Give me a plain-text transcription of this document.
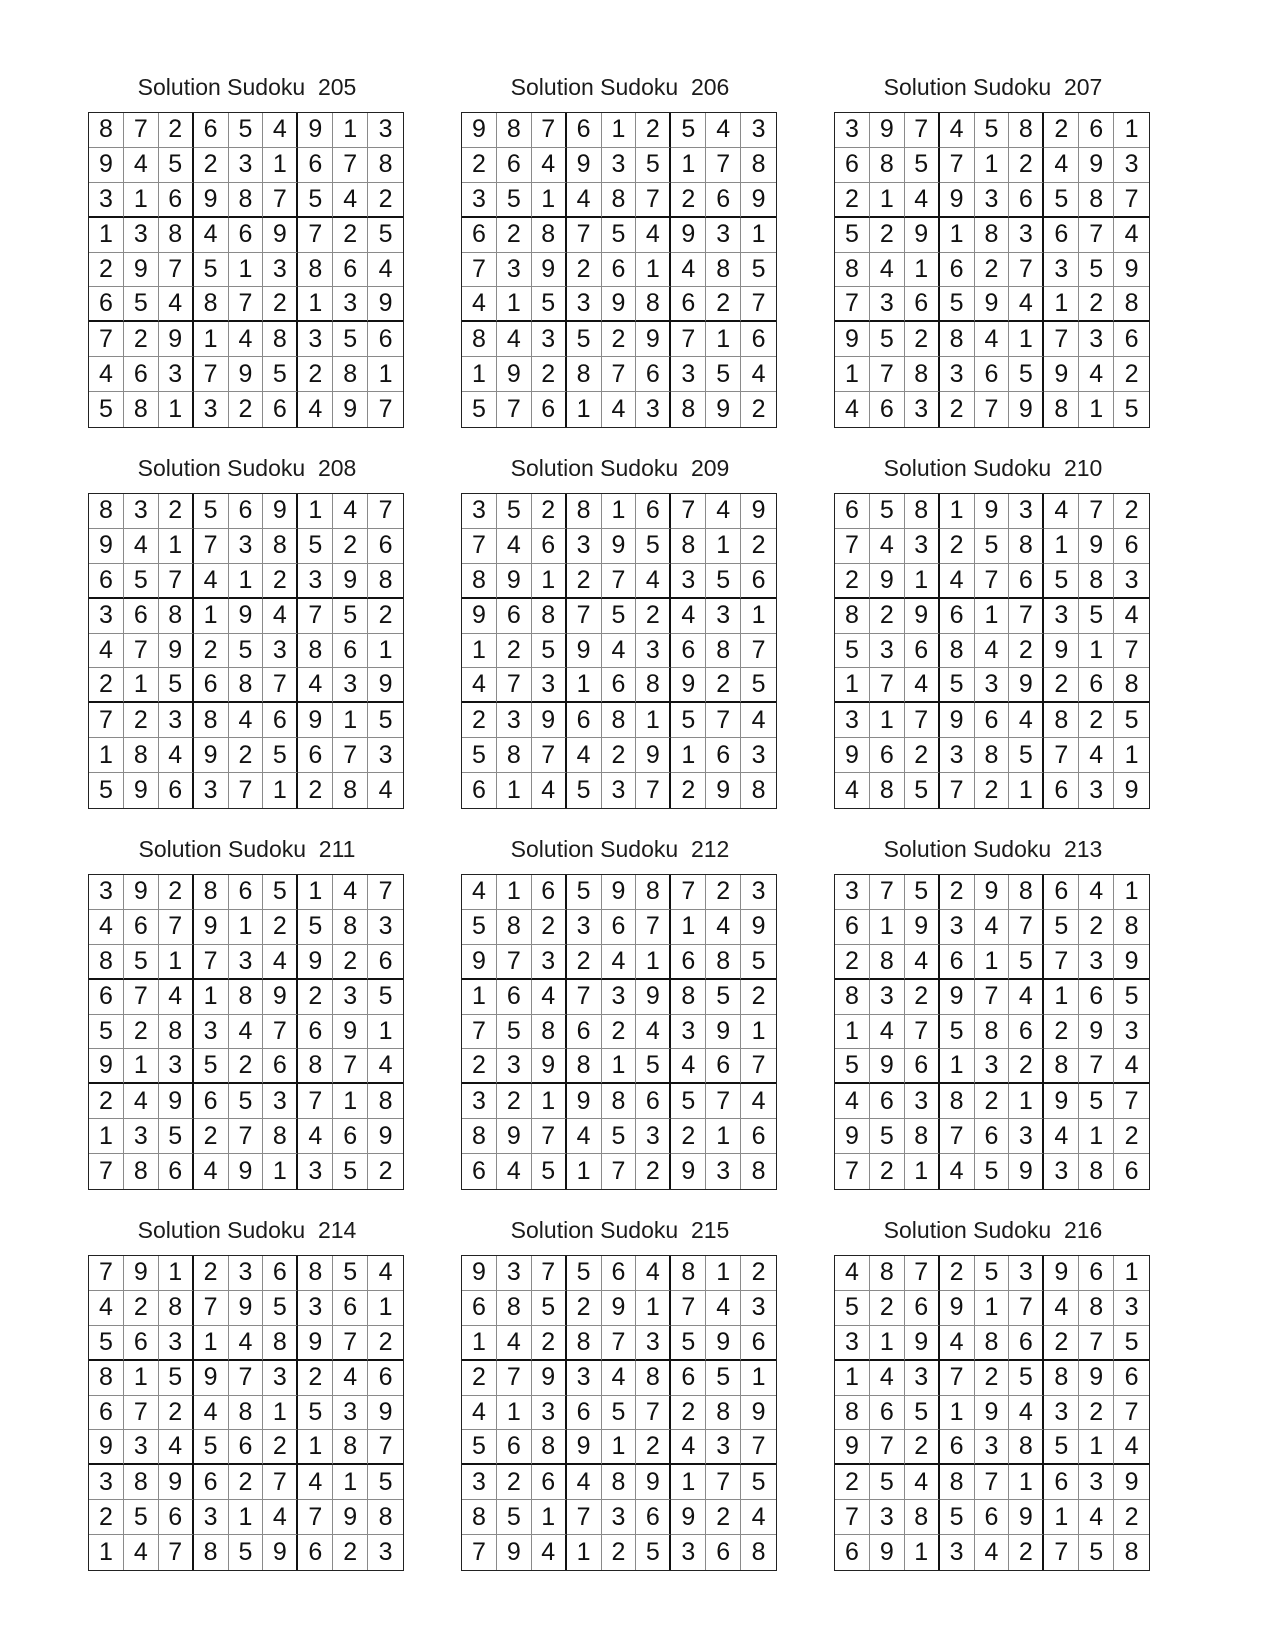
Solution Sudoku  205
8 7 2 6 5 4 9 1 3
9 4 5 2 3 1 6 7 8
3 1 6 9 8 7 5 4 2
1 3 8 4 6 9 7 2 5
2 9 7 5 1 3 8 6 4
6 5 4 8 7 2 1 3 9
7 2 9 1 4 8 3 5 6
4 6 3 7 9 5 2 8 1
5 8 1 3 2 6 4 9 7
Solution Sudoku  206
9 8 7 6 1 2 5 4 3
2 6 4 9 3 5 1 7 8
3 5 1 4 8 7 2 6 9
6 2 8 7 5 4 9 3 1
7 3 9 2 6 1 4 8 5
4 1 5 3 9 8 6 2 7
8 4 3 5 2 9 7 1 6
1 9 2 8 7 6 3 5 4
5 7 6 1 4 3 8 9 2
Solution Sudoku  207
3 9 7 4 5 8 2 6 1
6 8 5 7 1 2 4 9 3
2 1 4 9 3 6 5 8 7
5 2 9 1 8 3 6 7 4
8 4 1 6 2 7 3 5 9
7 3 6 5 9 4 1 2 8
9 5 2 8 4 1 7 3 6
1 7 8 3 6 5 9 4 2
4 6 3 2 7 9 8 1 5
Solution Sudoku  208
8 3 2 5 6 9 1 4 7
9 4 1 7 3 8 5 2 6
6 5 7 4 1 2 3 9 8
3 6 8 1 9 4 7 5 2
4 7 9 2 5 3 8 6 1
2 1 5 6 8 7 4 3 9
7 2 3 8 4 6 9 1 5
1 8 4 9 2 5 6 7 3
5 9 6 3 7 1 2 8 4
Solution Sudoku  209
3 5 2 8 1 6 7 4 9
7 4 6 3 9 5 8 1 2
8 9 1 2 7 4 3 5 6
9 6 8 7 5 2 4 3 1
1 2 5 9 4 3 6 8 7
4 7 3 1 6 8 9 2 5
2 3 9 6 8 1 5 7 4
5 8 7 4 2 9 1 6 3
6 1 4 5 3 7 2 9 8
Solution Sudoku  210
6 5 8 1 9 3 4 7 2
7 4 3 2 5 8 1 9 6
2 9 1 4 7 6 5 8 3
8 2 9 6 1 7 3 5 4
5 3 6 8 4 2 9 1 7
1 7 4 5 3 9 2 6 8
3 1 7 9 6 4 8 2 5
9 6 2 3 8 5 7 4 1
4 8 5 7 2 1 6 3 9
Solution Sudoku  211
3 9 2 8 6 5 1 4 7
4 6 7 9 1 2 5 8 3
8 5 1 7 3 4 9 2 6
6 7 4 1 8 9 2 3 5
5 2 8 3 4 7 6 9 1
9 1 3 5 2 6 8 7 4
2 4 9 6 5 3 7 1 8
1 3 5 2 7 8 4 6 9
7 8 6 4 9 1 3 5 2
Solution Sudoku  212
4 1 6 5 9 8 7 2 3
5 8 2 3 6 7 1 4 9
9 7 3 2 4 1 6 8 5
1 6 4 7 3 9 8 5 2
7 5 8 6 2 4 3 9 1
2 3 9 8 1 5 4 6 7
3 2 1 9 8 6 5 7 4
8 9 7 4 5 3 2 1 6
6 4 5 1 7 2 9 3 8
Solution Sudoku  213
3 7 5 2 9 8 6 4 1
6 1 9 3 4 7 5 2 8
2 8 4 6 1 5 7 3 9
8 3 2 9 7 4 1 6 5
1 4 7 5 8 6 2 9 3
5 9 6 1 3 2 8 7 4
4 6 3 8 2 1 9 5 7
9 5 8 7 6 3 4 1 2
7 2 1 4 5 9 3 8 6
Solution Sudoku  214
7 9 1 2 3 6 8 5 4
4 2 8 7 9 5 3 6 1
5 6 3 1 4 8 9 7 2
8 1 5 9 7 3 2 4 6
6 7 2 4 8 1 5 3 9
9 3 4 5 6 2 1 8 7
3 8 9 6 2 7 4 1 5
2 5 6 3 1 4 7 9 8
1 4 7 8 5 9 6 2 3
Solution Sudoku  215
9 3 7 5 6 4 8 1 2
6 8 5 2 9 1 7 4 3
1 4 2 8 7 3 5 9 6
2 7 9 3 4 8 6 5 1
4 1 3 6 5 7 2 8 9
5 6 8 9 1 2 4 3 7
3 2 6 4 8 9 1 7 5
8 5 1 7 3 6 9 2 4
7 9 4 1 2 5 3 6 8
Solution Sudoku  216
4 8 7 2 5 3 9 6 1
5 2 6 9 1 7 4 8 3
3 1 9 4 8 6 2 7 5
1 4 3 7 2 5 8 9 6
8 6 5 1 9 4 3 2 7
9 7 2 6 3 8 5 1 4
2 5 4 8 7 1 6 3 9
7 3 8 5 6 9 1 4 2
6 9 1 3 4 2 7 5 8
